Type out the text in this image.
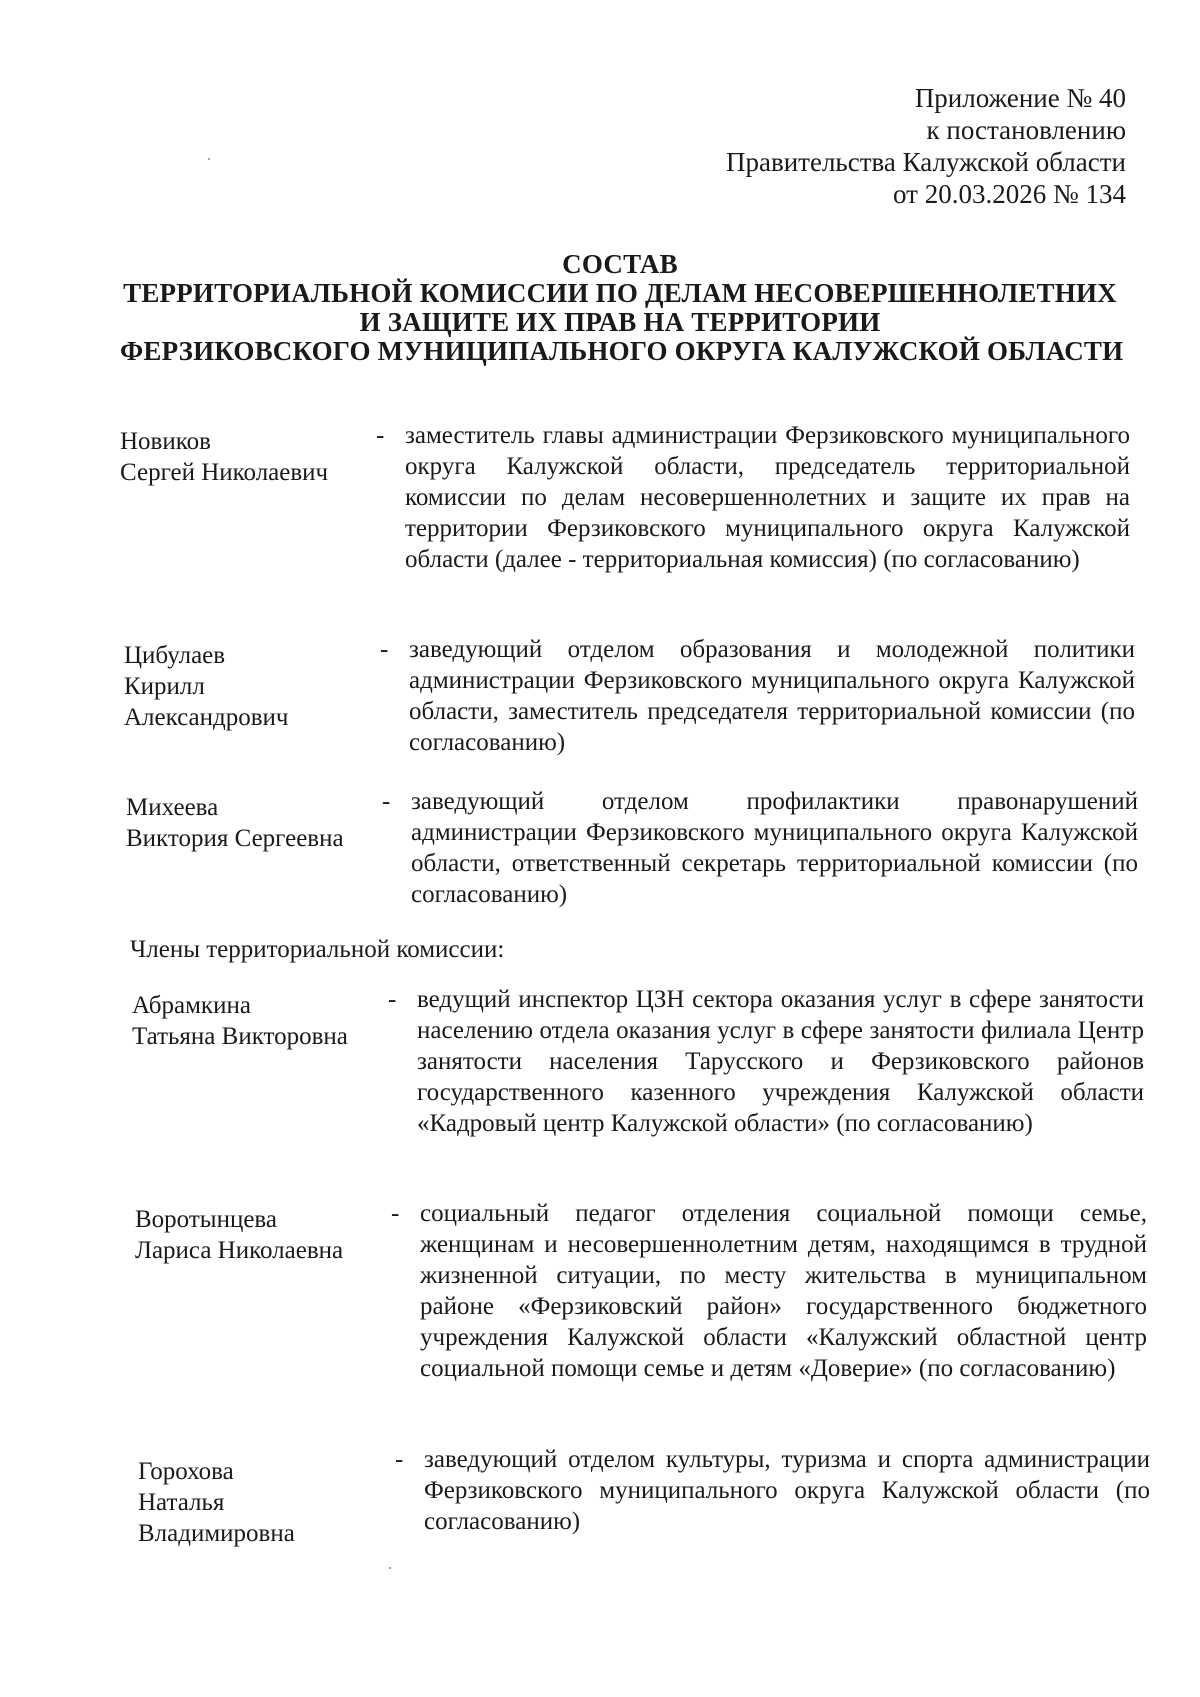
Приложение № 40
к постановлению
Правительства Калужской области
от 20.03.2026 № 134
СОСТАВ
ТЕРРИТОРИАЛЬНОЙ КОМИССИИ ПО ДЕЛАМ НЕСОВЕРШЕННОЛЕТНИХ
И ЗАЩИТЕ ИХ ПРАВ НА ТЕРРИТОРИИ
ФЕРЗИКОВСКОГО МУНИЦИПАЛЬНОГО ОКРУГА КАЛУЖСКОЙ ОБЛАСТИ
Новиков
Сергей Николаевич
- заместитель главы администрации Ферзиковского муниципального округа Калужской области, председатель территориальной комиссии по делам несовершеннолетних и защите их прав на территории Ферзиковского муниципального округа Калужской области (далее - территориальная комиссия) (по согласованию)
Цибулаев
Кирилл
Александрович
- заведующий отделом образования и молодежной политики администрации Ферзиковского муниципального округа Калужской области, заместитель председателя территориальной комиссии (по согласованию)
Михеева
Виктория Сергеевна
- заведующий отделом профилактики правонарушений администрации Ферзиковского муниципального округа Калужской области, ответственный секретарь территориальной комиссии (по согласованию)
Члены территориальной комиссии:
Абрамкина
Татьяна Викторовна
- ведущий инспектор ЦЗН сектора оказания услуг в сфере занятости населению отдела оказания услуг в сфере занятости филиала Центр занятости населения Тарусского и Ферзиковского районов государственного казенного учреждения Калужской области «Кадровый центр Калужской области» (по согласованию)
Воротынцева
Лариса Николаевна
- социальный педагог отделения социальной помощи семье, женщинам и несовершеннолетним детям, находящимся в трудной жизненной ситуации, по месту жительства в муниципальном районе «Ферзиковский район» государственного бюджетного учреждения Калужской области «Калужский областной центр социальной помощи семье и детям «Доверие» (по согласованию)
Горохова
Наталья
Владимировна
- заведующий отделом культуры, туризма и спорта администрации Ферзиковского муниципального округа Калужской области (по согласованию)
